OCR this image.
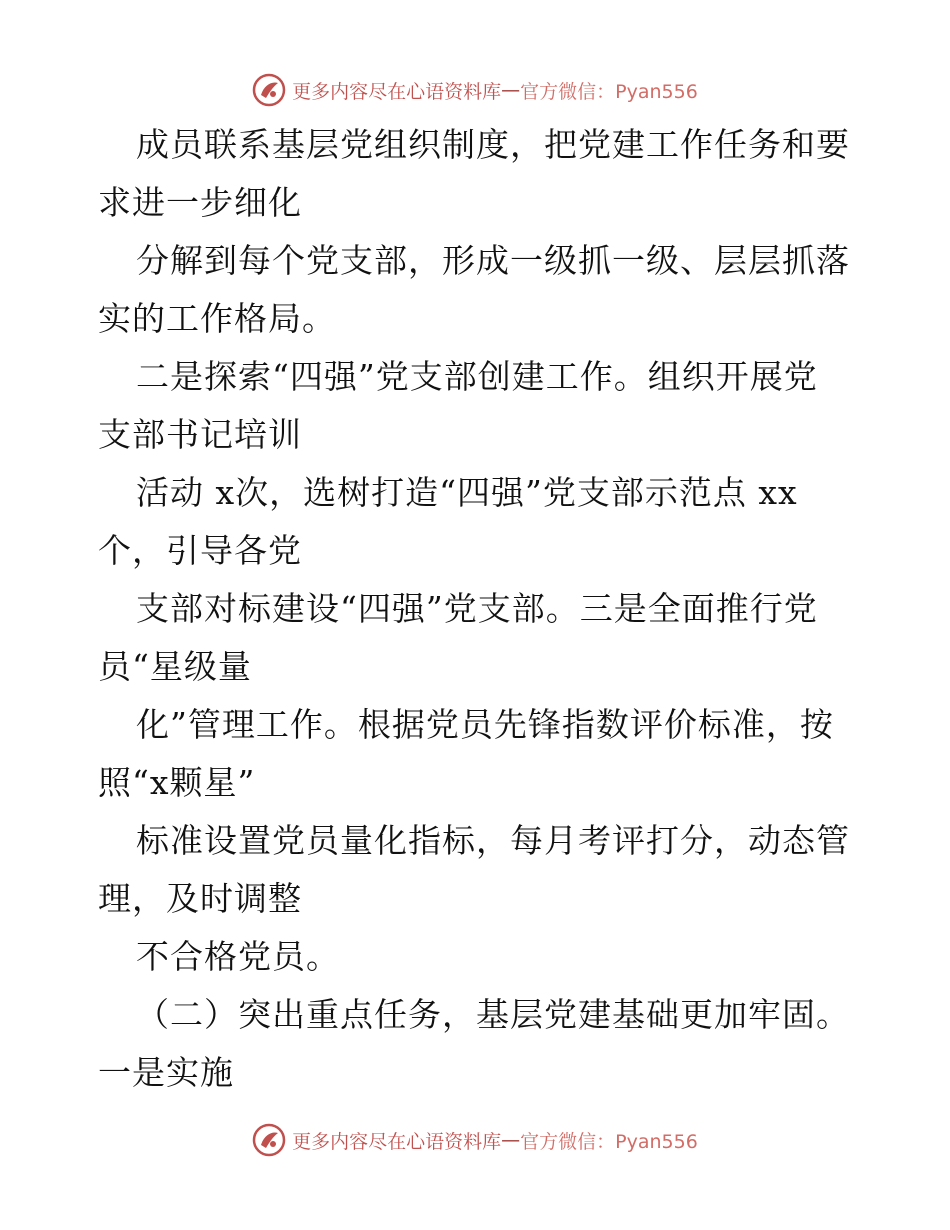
更多内容尽在心语资料库 — 官方微信：Pyan556
成员联系基层党组织制度，把党建工作任务和要
求进一步细化
分解到每个党支部，形成一级抓一级、层层抓落
实的工作格局。
二是探索“四强”党支部创建工作。组织开展党
支部书记培训
活动 x次，选树打造“四强”党支部示范点 xx
个，引导各党
支部对标建设“四强”党支部。三是全面推行党
员“星级量
化”管理工作。根据党员先锋指数评价标准，按
照“x颗星”
标准设置党员量化指标，每月考评打分，动态管
理，及时调整
不合格党员。
（二）突出重点任务，基层党建基础更加牢固。
一是实施
更多内容尽在心语资料库 — 官方微信：Pyan556
